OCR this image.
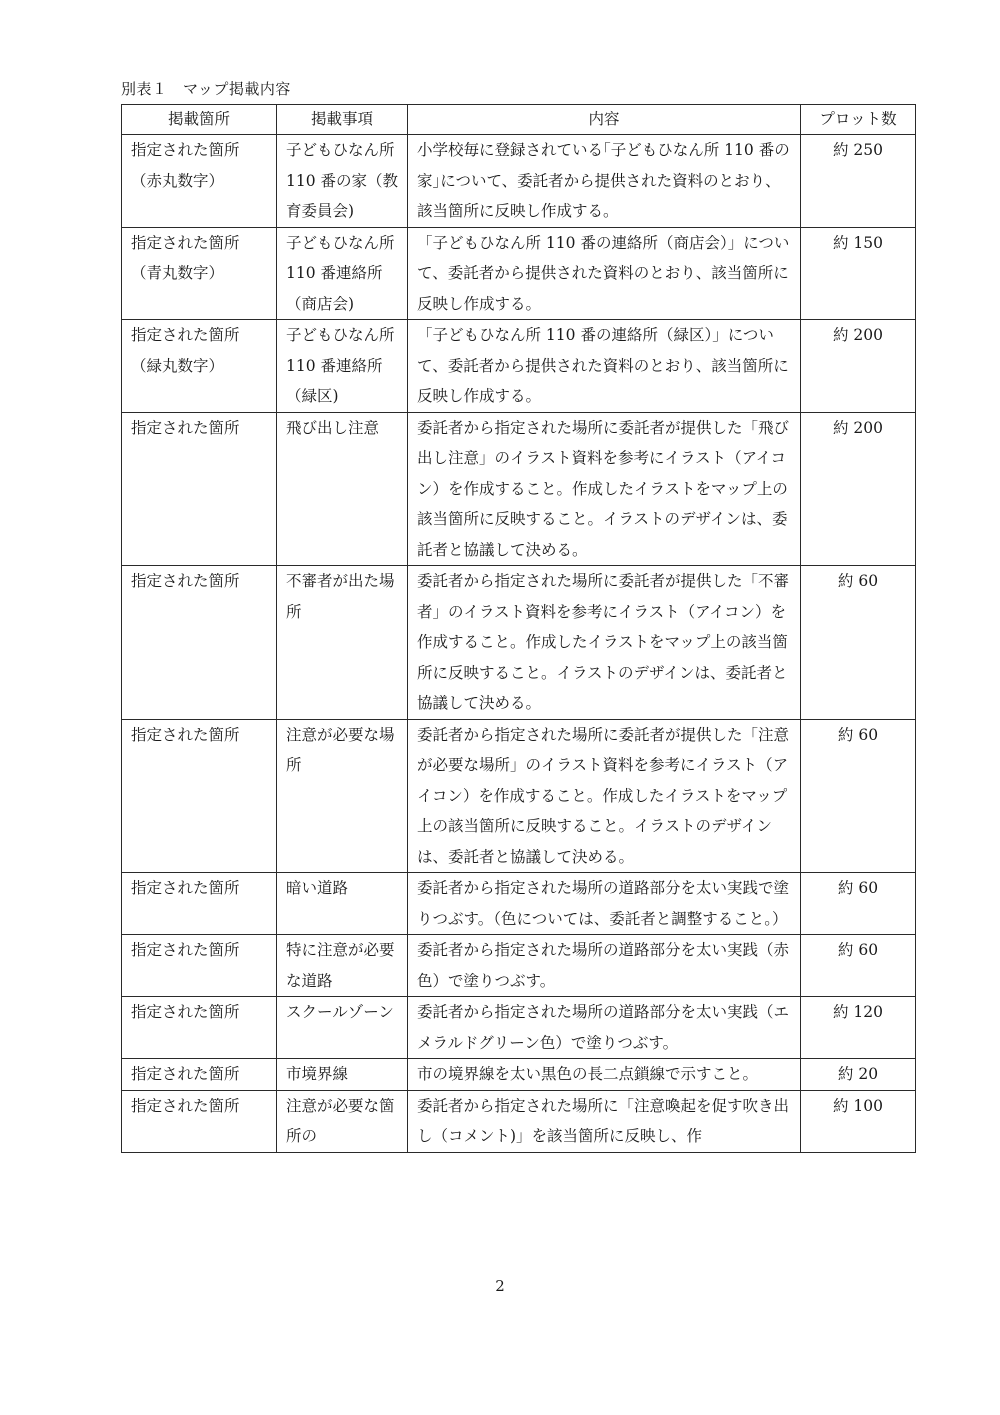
別表１　マップ掲載内容
掲載箇所	掲載事項	内容	プロット数
指定された箇所（赤丸数字）	子どもひなん所 110 番の家（教育委員会)	小学校毎に登録されている｢子どもひなん所 110 番の家｣について、委託者から提供された資料のとおり、該当箇所に反映し作成する。	約 250
指定された箇所（青丸数字）	子どもひなん所 110 番連絡所（商店会)	「子どもひなん所 110 番の連絡所（商店会）」について、委託者から提供された資料のとおり、該当箇所に反映し作成する。	約 150
指定された箇所（緑丸数字）	子どもひなん所 110 番連絡所（緑区)	「子どもひなん所 110 番の連絡所（緑区）」について、委託者から提供された資料のとおり、該当箇所に反映し作成する。	約 200
指定された箇所	飛び出し注意	委託者から指定された場所に委託者が提供した「飛び出し注意」のイラスト資料を参考にイラスト（アイコン）を作成すること。作成したイラストをマップ上の該当箇所に反映すること。イラストのデザインは、委託者と協議して決める。	約 200
指定された箇所	不審者が出た場所	委託者から指定された場所に委託者が提供した「不審者」のイラスト資料を参考にイラスト（アイコン）を作成すること。作成したイラストをマップ上の該当箇所に反映すること。イラストのデザインは、委託者と協議して決める。	約 60
指定された箇所	注意が必要な場所	委託者から指定された場所に委託者が提供した「注意が必要な場所」のイラスト資料を参考にイラスト（アイコン）を作成すること。作成したイラストをマップ上の該当箇所に反映すること。イラストのデザインは、委託者と協議して決める。	約 60
指定された箇所	暗い道路	委託者から指定された場所の道路部分を太い実践で塗りつぶす。（色については、委託者と調整すること。）	約 60
指定された箇所	特に注意が必要な道路	委託者から指定された場所の道路部分を太い実践（赤色）で塗りつぶす。	約 60
指定された箇所	スクールゾーン	委託者から指定された場所の道路部分を太い実践（エメラルドグリーン色）で塗りつぶす。	約 120
指定された箇所	市境界線	市の境界線を太い黒色の長二点鎖線で示すこと。	約 20
指定された箇所	注意が必要な箇所の	委託者から指定された場所に「注意喚起を促す吹き出し（コメント)」を該当箇所に反映し、作	約 100
2
